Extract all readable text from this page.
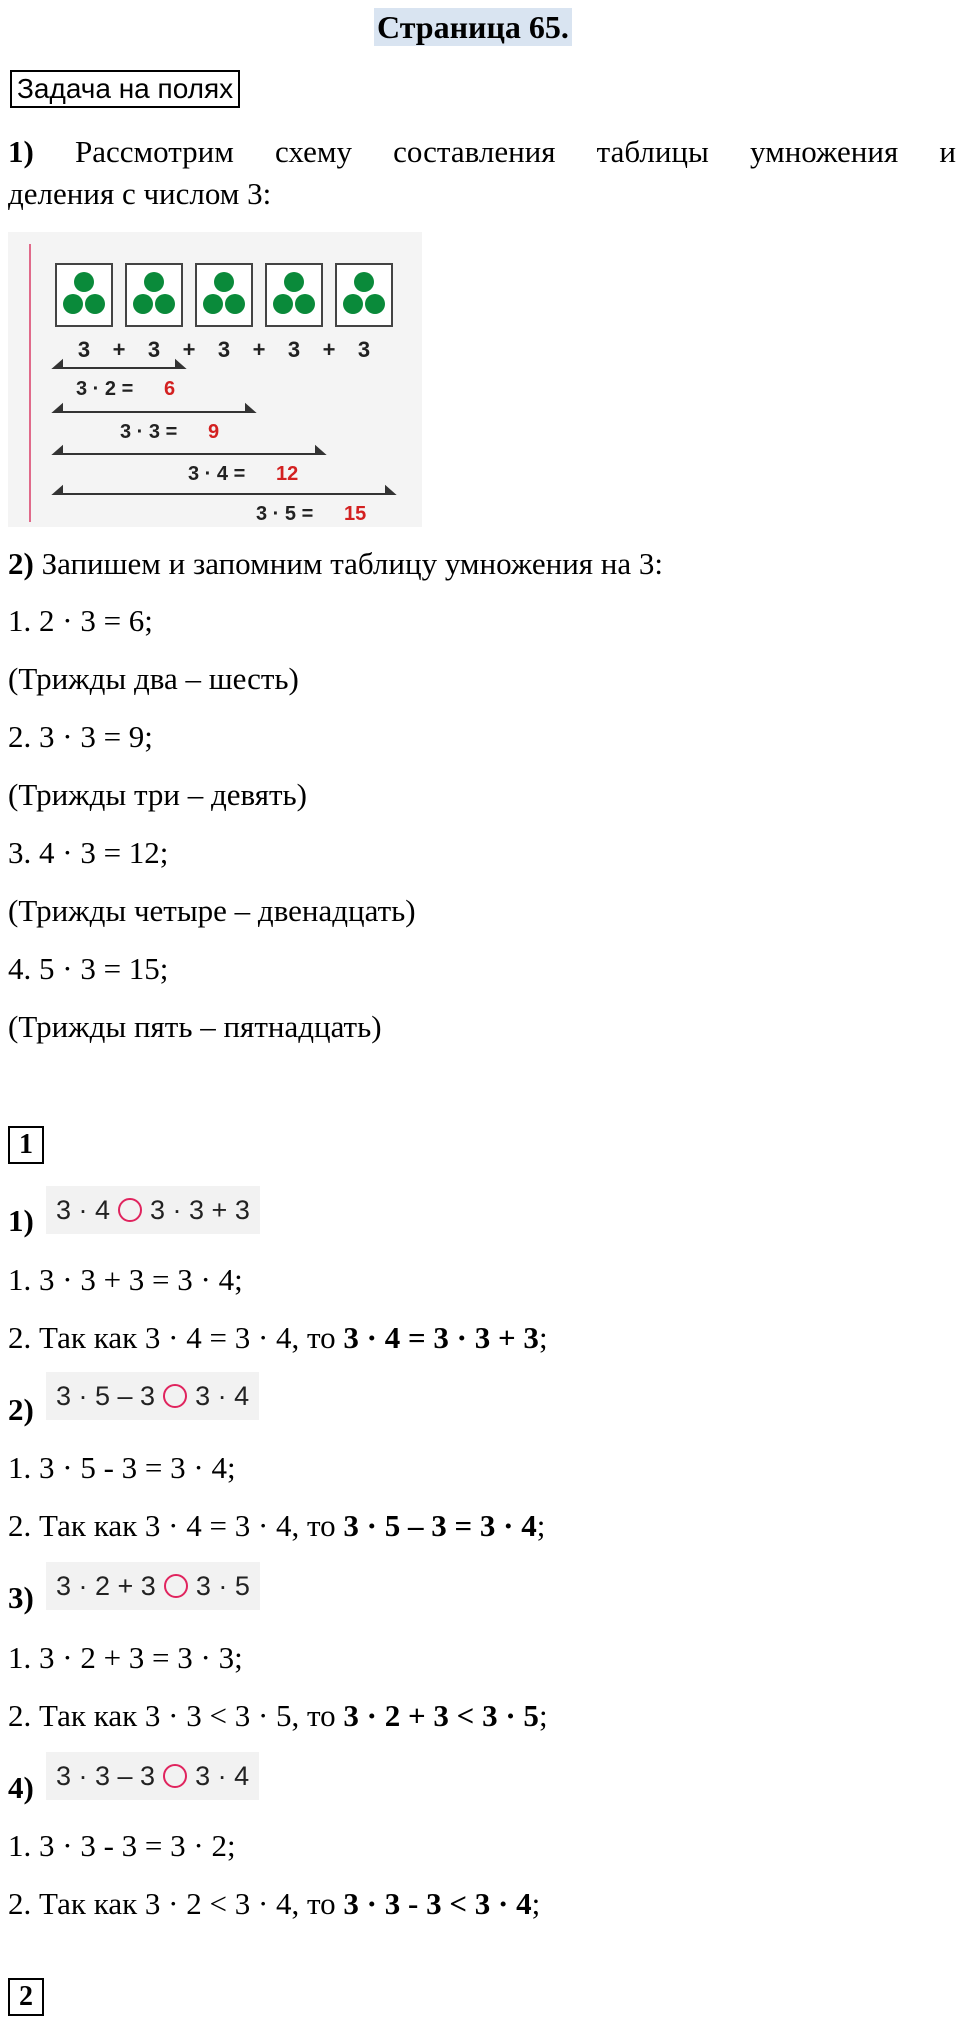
Страница 65.
Задача на полях
1) Рассмотрим схему составления таблицы умножения и
деления с числом 3:
3 + 3 + 3 + 3 + 3
3 · 2 = 6
3 · 3 = 9
3 · 4 = 12
3 · 5 = 15
2) Запишем и запомним таблицу умножения на 3:
1. 2 · 3 = 6;
(Трижды два – шесть)
2. 3 · 3 = 9;
(Трижды три – девять)
3. 4 · 3 = 12;
(Трижды четыре – двенадцать)
4. 5 · 3 = 15;
(Трижды пять – пятнадцать)
1
1) 3 · 4 3 · 3 + 3
1. 3 · 3 + 3 = 3 · 4;
2. Так как 3 · 4 = 3 · 4, то 3 · 4 = 3 · 3 + 3;
2) 3 · 5 – 3 3 · 4
1. 3 · 5 - 3 = 3 · 4;
2. Так как 3 · 4 = 3 · 4, то 3 · 5 – 3 = 3 · 4;
3) 3 · 2 + 3 3 · 5
1. 3 · 2 + 3 = 3 · 3;
2. Так как 3 · 3 < 3 · 5, то 3 · 2 + 3 < 3 · 5;
4) 3 · 3 – 3 3 · 4
1. 3 · 3 - 3 = 3 · 2;
2. Так как 3 · 2 < 3 · 4, то 3 · 3 - 3 < 3 · 4;
2
